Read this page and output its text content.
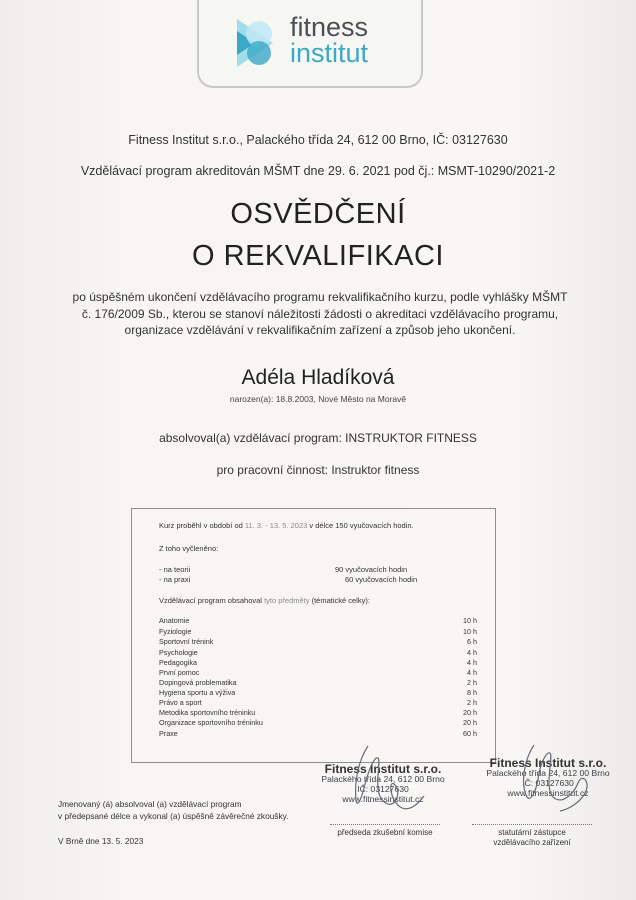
fitness
institut
Fitness Institut s.r.o., Palackého třída 24, 612 00 Brno, IČ: 03127630
Vzdělávací program akreditován MŠMT dne 29. 6. 2021 pod čj.: MSMT-10290/2021-2
OSVĚDČENÍ
O REKVALIFIKACI
po úspěšném ukončení vzdělávacího programu rekvalifikačního kurzu, podle vyhlášky MŠMT
č. 176/2009 Sb., kterou se stanoví náležitosti žádosti o akreditaci vzdělávacího programu,
organizace vzdělávání v rekvalifikačním zařízení a způsob jeho ukončení.
Adéla Hladíková
narozen(a): 18.8.2003, Nové Město na Moravě
absolvoval(a) vzdělávací program: INSTRUKTOR FITNESS
pro pracovní činnost: Instruktor fitness
Kurz proběhl v období od 11. 3. - 13. 5. 2023 v délce 150 vyučovacích hodin.
Z toho vyčleněno:
- na teorii	90 vyučovacích hodin
- na praxi	60 vyučovacích hodin
Vzdělávací program obsahoval tyto předměty (tématické celky):
Anatomie	10 h
Fyziologie	10 h
Sportovní trénink	6 h
Psychologie	4 h
Pedagogika	4 h
První pomoc	4 h
Dopingová problematika	2 h
Hygiena sportu a výživa	8 h
Právo a sport	2 h
Metodika sportovního tréninku	20 h
Organizace sportovního tréninku	20 h
Praxe	60 h
Fitness Institut s.r.o.
Palackého třída 24, 612 00 Brno
IČ: 03127630
www.fitnessinstitut.cz
Fitness Institut s.r.o.
Palackého třída 24, 612 00 Brno
IČ: 03127630
www.fitnessinstitut.cz
Jmenovaný (á) absolvoval (a) vzdělávací program
v předepsané délce a vykonal (a) úspěšně závěrečné zkoušky.
V Brně dne 13. 5. 2023
předseda zkušební komise	statutární zástupce
vzdělávacího zařízení
